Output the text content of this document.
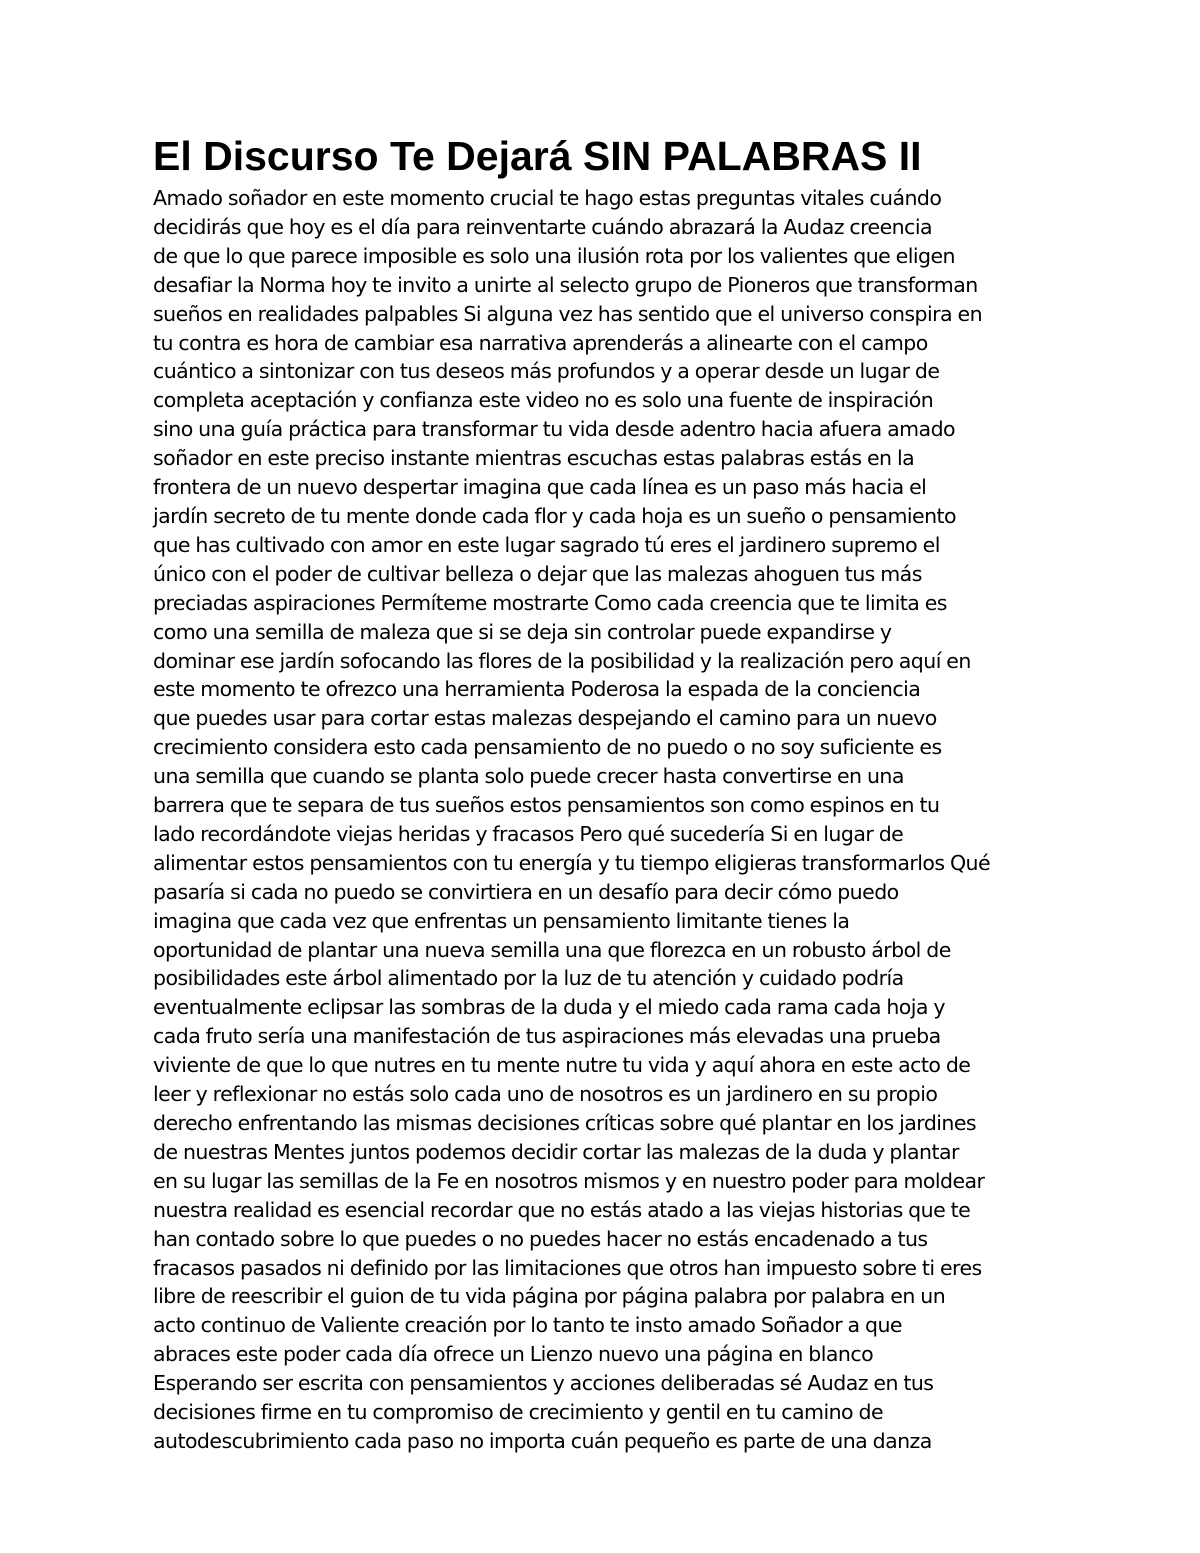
El Discurso Te Dejará SIN PALABRAS II
Amado soñador en este momento crucial te hago estas preguntas vitales cuándo
decidirás que hoy es el día para reinventarte cuándo abrazará la Audaz creencia
de que lo que parece imposible es solo una ilusión rota por los valientes que eligen
desafiar la Norma hoy te invito a unirte al selecto grupo de Pioneros que transforman
sueños en realidades palpables Si alguna vez has sentido que el universo conspira en
tu contra es hora de cambiar esa narrativa aprenderás a alinearte con el campo
cuántico a sintonizar con tus deseos más profundos y a operar desde un lugar de
completa aceptación y confianza este video no es solo una fuente de inspiración
sino una guía práctica para transformar tu vida desde adentro hacia afuera amado
soñador en este preciso instante mientras escuchas estas palabras estás en la
frontera de un nuevo despertar imagina que cada línea es un paso más hacia el
jardín secreto de tu mente donde cada flor y cada hoja es un sueño o pensamiento
que has cultivado con amor en este lugar sagrado tú eres el jardinero supremo el
único con el poder de cultivar belleza o dejar que las malezas ahoguen tus más
preciadas aspiraciones Permíteme mostrarte Como cada creencia que te limita es
como una semilla de maleza que si se deja sin controlar puede expandirse y
dominar ese jardín sofocando las flores de la posibilidad y la realización pero aquí en
este momento te ofrezco una herramienta Poderosa la espada de la conciencia
que puedes usar para cortar estas malezas despejando el camino para un nuevo
crecimiento considera esto cada pensamiento de no puedo o no soy suficiente es
una semilla que cuando se planta solo puede crecer hasta convertirse en una
barrera que te separa de tus sueños estos pensamientos son como espinos en tu
lado recordándote viejas heridas y fracasos Pero qué sucedería Si en lugar de
alimentar estos pensamientos con tu energía y tu tiempo eligieras transformarlos Qué
pasaría si cada no puedo se convirtiera en un desafío para decir cómo puedo
imagina que cada vez que enfrentas un pensamiento limitante tienes la
oportunidad de plantar una nueva semilla una que florezca en un robusto árbol de
posibilidades este árbol alimentado por la luz de tu atención y cuidado podría
eventualmente eclipsar las sombras de la duda y el miedo cada rama cada hoja y
cada fruto sería una manifestación de tus aspiraciones más elevadas una prueba
viviente de que lo que nutres en tu mente nutre tu vida y aquí ahora en este acto de
leer y reflexionar no estás solo cada uno de nosotros es un jardinero en su propio
derecho enfrentando las mismas decisiones críticas sobre qué plantar en los jardines
de nuestras Mentes juntos podemos decidir cortar las malezas de la duda y plantar
en su lugar las semillas de la Fe en nosotros mismos y en nuestro poder para moldear
nuestra realidad es esencial recordar que no estás atado a las viejas historias que te
han contado sobre lo que puedes o no puedes hacer no estás encadenado a tus
fracasos pasados ni definido por las limitaciones que otros han impuesto sobre ti eres
libre de reescribir el guion de tu vida página por página palabra por palabra en un
acto continuo de Valiente creación por lo tanto te insto amado Soñador a que
abraces este poder cada día ofrece un Lienzo nuevo una página en blanco
Esperando ser escrita con pensamientos y acciones deliberadas sé Audaz en tus
decisiones firme en tu compromiso de crecimiento y gentil en tu camino de
autodescubrimiento cada paso no importa cuán pequeño es parte de una danza
